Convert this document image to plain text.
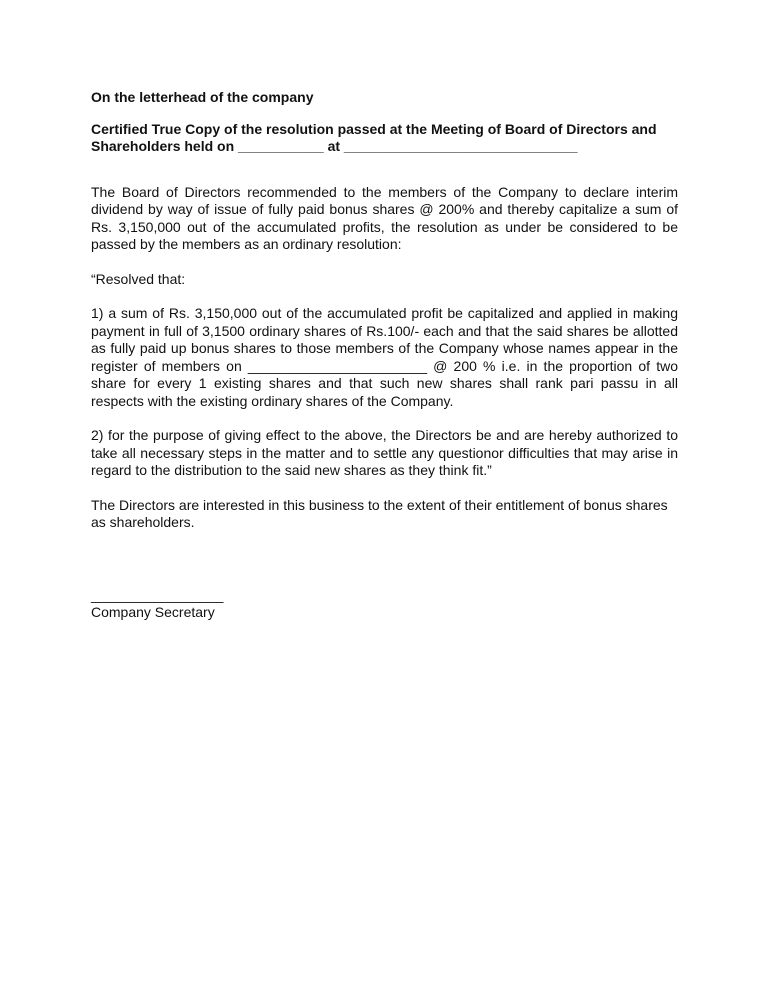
On the letterhead of the company

Certified True Copy of the resolution passed at the Meeting of Board of Directors and Shareholders held on ___________ at ______________________________

The Board of Directors recommended to the members of the Company to declare interim dividend by way of issue of fully paid bonus shares @ 200% and thereby capitalize a sum of Rs. 3,150,000 out of the accumulated profits, the resolution as under be considered to be passed by the members as an ordinary resolution:

“Resolved that:

1) a sum of Rs. 3,150,000 out of the accumulated profit be capitalized and applied in making payment in full of 3,1500 ordinary shares of Rs.100/- each and that the said shares be allotted as fully paid up bonus shares to those members of the Company whose names appear in the register of members on _______________________ @ 200 % i.e. in the proportion of two share for every 1 existing shares and that such new shares shall rank pari passu in all respects with the existing ordinary shares of the Company.

2) for the purpose of giving effect to the above, the Directors be and are hereby authorized to take all necessary steps in the matter and to settle any questionor difficulties that may arise in regard to the distribution to the said new shares as they think fit.”

The Directors are interested in this business to the extent of their entitlement of bonus shares as shareholders.

_________________
Company Secretary
